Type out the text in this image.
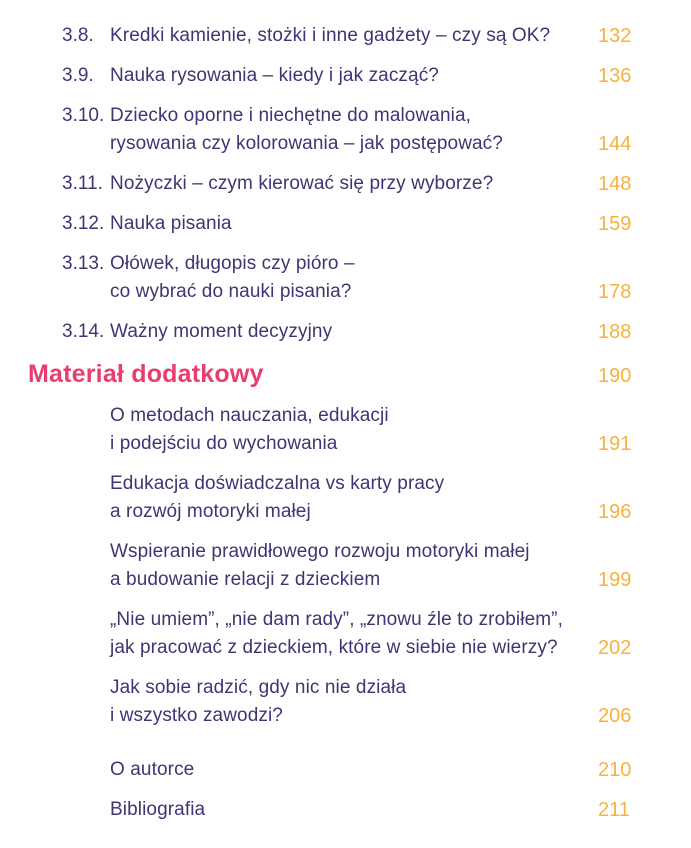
3.8. Kredki kamienie, stożki i inne gadżety – czy są OK?	132
3.9. Nauka rysowania – kiedy i jak zacząć?	136
3.10. Dziecko oporne i niechętne do malowania,
rysowania czy kolorowania – jak postępować?	144
3.11. Nożyczki – czym kierować się przy wyborze?	148
3.12. Nauka pisania	159
3.13. Ołówek, długopis czy pióro –
co wybrać do nauki pisania?	178
3.14. Ważny moment decyzyjny	188
Materiał dodatkowy	190
O metodach nauczania, edukacji
i podejściu do wychowania	191
Edukacja doświadczalna vs karty pracy
a rozwój motoryki małej	196
Wspieranie prawidłowego rozwoju motoryki małej
a budowanie relacji z dzieckiem	199
„Nie umiem”, „nie dam rady”, „znowu źle to zrobiłem”,
jak pracować z dzieckiem, które w siebie nie wierzy?	202
Jak sobie radzić, gdy nic nie działa
i wszystko zawodzi?	206
O autorce	210
Bibliografia	211
